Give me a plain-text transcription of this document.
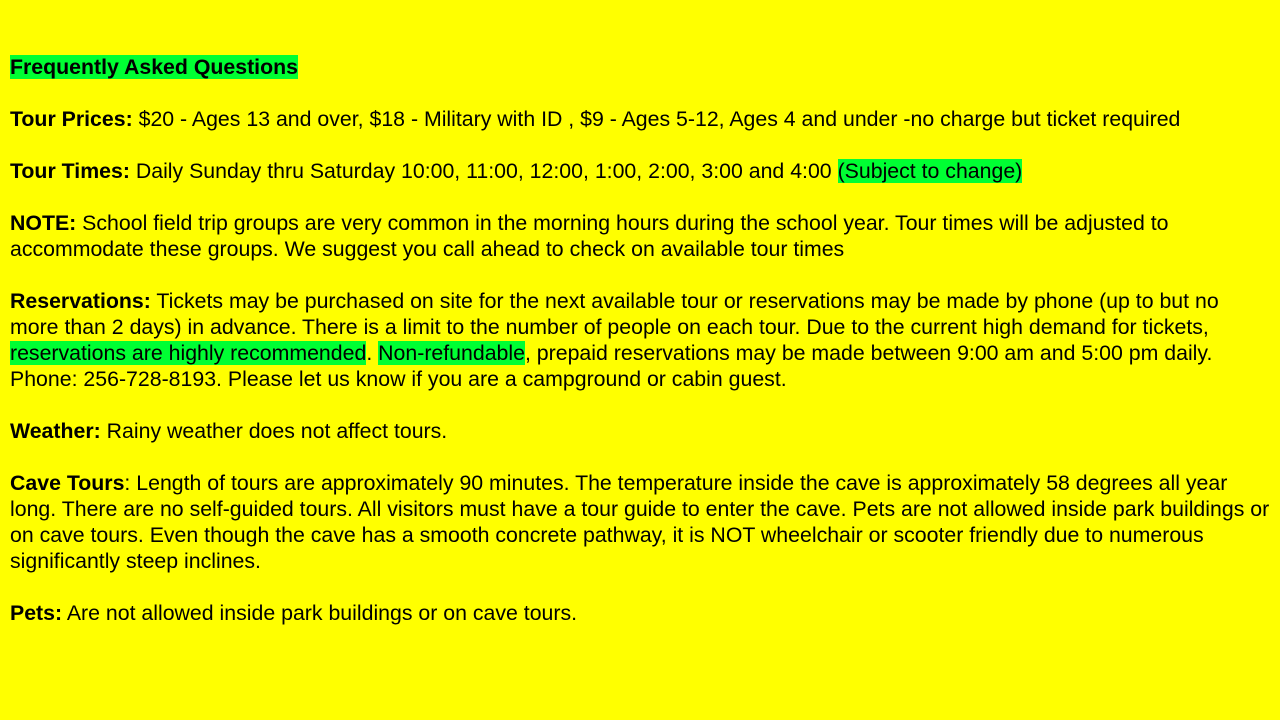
Frequently Asked Questions

Tour Prices: $20 - Ages 13 and over, $18 - Military with ID , $9 - Ages 5-12, Ages 4 and under -no charge but ticket required

Tour Times: Daily Sunday thru Saturday 10:00, 11:00, 12:00, 1:00, 2:00, 3:00 and 4:00 (Subject to change)

NOTE: School field trip groups are very common in the morning hours during the school year. Tour times will be adjusted to accommodate these groups. We suggest you call ahead to check on available tour times

Reservations: Tickets may be purchased on site for the next available tour or reservations may be made by phone (up to but no more than 2 days) in advance. There is a limit to the number of people on each tour. Due to the current high demand for tickets, reservations are highly recommended. Non-refundable, prepaid reservations may be made between 9:00 am and 5:00 pm daily. Phone: 256-728-8193. Please let us know if you are a campground or cabin guest.

Weather: Rainy weather does not affect tours.

Cave Tours: Length of tours are approximately 90 minutes. The temperature inside the cave is approximately 58 degrees all year long. There are no self-guided tours. All visitors must have a tour guide to enter the cave. Pets are not allowed inside park buildings or on cave tours. Even though the cave has a smooth concrete pathway, it is NOT wheelchair or scooter friendly due to numerous significantly steep inclines.

Pets: Are not allowed inside park buildings or on cave tours.
